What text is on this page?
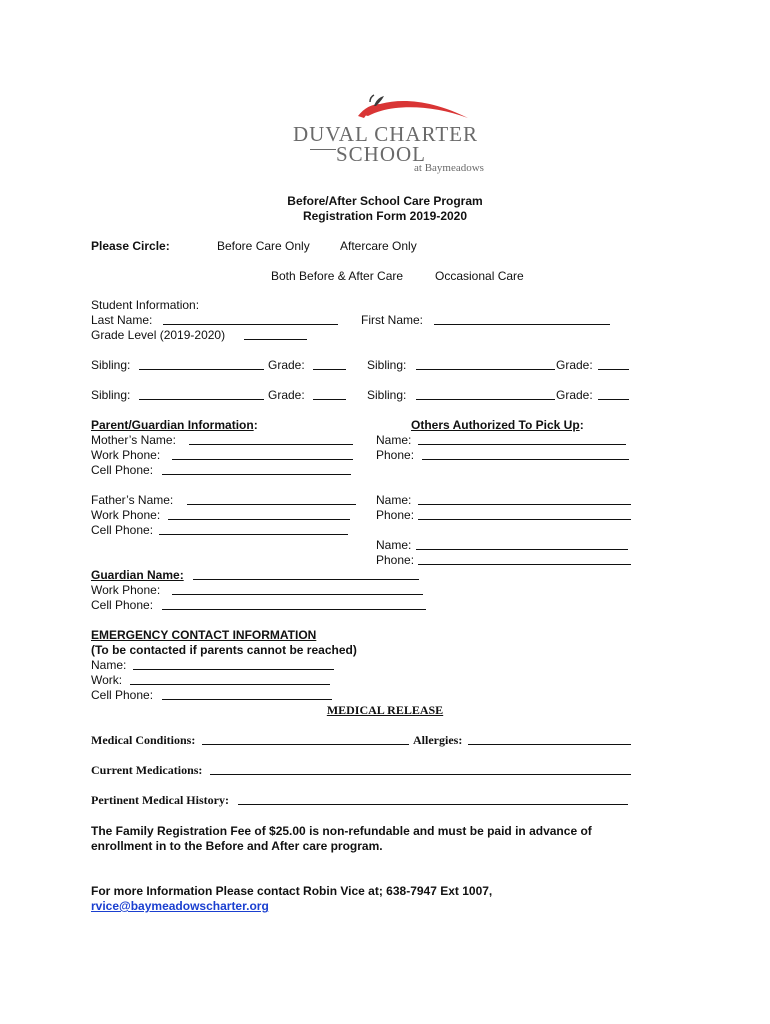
DUVAL CHARTER
SCHOOL
at Baymeadows
Before/After School Care Program
Registration Form 2019-2020
Please Circle:	Before Care Only	Aftercare Only
Both Before & After Care	Occasional Care
Student Information:
Last Name:	First Name:
Grade Level (2019-2020)
Sibling:	Grade:	Sibling:	Grade:
Sibling:	Grade:	Sibling:	Grade:
Parent/Guardian Information:
Mother’s Name:
Work Phone:
Cell Phone:
Others Authorized To Pick Up:
Name:
Phone:
Father’s Name:
Work Phone:
Cell Phone:
Name:
Phone:
Name:
Phone:
Guardian Name:
Work Phone:
Cell Phone:
EMERGENCY CONTACT INFORMATION
(To be contacted if parents cannot be reached)
Name:
Work:
Cell Phone:
MEDICAL RELEASE
Medical Conditions:	Allergies:
Current Medications:
Pertinent Medical History:
The Family Registration Fee of $25.00 is non-refundable and must be paid in advance of
enrollment in to the Before and After care program.
For more Information Please contact Robin Vice at; 638-7947 Ext 1007,
rvice@baymeadowscharter.org
